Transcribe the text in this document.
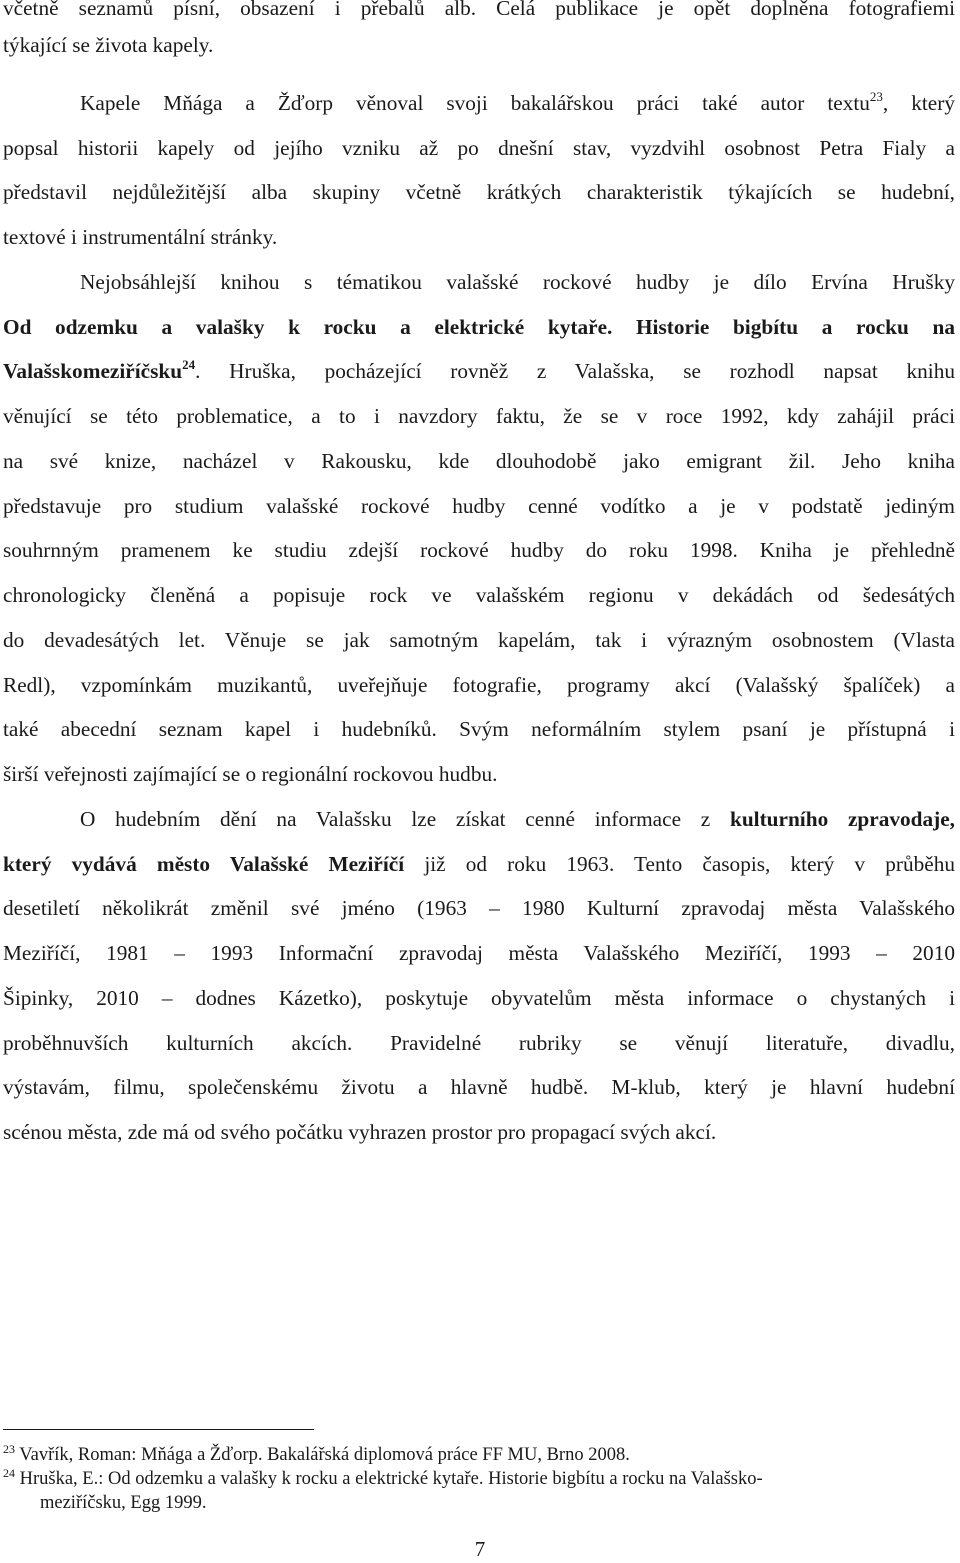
včetně seznamů písní, obsazení i přebalů alb. Celá publikace je opět doplněna fotografiemi
týkající se života kapely.
Kapele Mňága a Žďorp věnoval svoji bakalářskou práci také autor textu$^{23}$, který
popsal historii kapely od jejího vzniku až po dnešní stav, vyzdvihl osobnost Petra Fialy a
představil nejdůležitější alba skupiny včetně krátkých charakteristik týkajících se hudební,
textové i instrumentální stránky.
Nejobsáhlejší knihou s tématikou valašské rockové hudby je dílo Ervína Hrušky
Od odzemku a valašky k rocku a elektrické kytaře. Historie bigbítu a rocku na
Valašskomeziříčsku$^{24}$. Hruška, pocházející rovněž z Valašska, se rozhodl napsat knihu
věnující se této problematice, a to i navzdory faktu, že se v roce 1992, kdy zahájil práci
na své knize, nacházel v Rakousku, kde dlouhodobě jako emigrant žil. Jeho kniha
představuje pro studium valašské rockové hudby cenné vodítko a je v podstatě jediným
souhrnným pramenem ke studiu zdejší rockové hudby do roku 1998. Kniha je přehledně
chronologicky členěná a popisuje rock ve valašském regionu v dekádách od šedesátých
do devadesátých let. Věnuje se jak samotným kapelám, tak i výrazným osobnostem (Vlasta
Redl), vzpomínkám muzikantů, uveřejňuje fotografie, programy akcí (Valašský špalíček) a
také abecední seznam kapel i hudebníků. Svým neformálním stylem psaní je přístupná i
širší veřejnosti zajímající se o regionální rockovou hudbu.
O hudebním dění na Valašsku lze získat cenné informace z kulturního zpravodaje,
který vydává město Valašské Meziříčí již od roku 1963. Tento časopis, který v průběhu
desetiletí několikrát změnil své jméno (1963 – 1980 Kulturní zpravodaj města Valašského
Meziříčí, 1981 – 1993 Informační zpravodaj města Valašského Meziříčí, 1993 – 2010
Šipinky, 2010 – dodnes Kázetko), poskytuje obyvatelům města informace o chystaných i
proběhnuvších kulturních akcích. Pravidelné rubriky se věnují literatuře, divadlu,
výstavám, filmu, společenskému životu a hlavně hudbě. M-klub, který je hlavní hudební
scénou města, zde má od svého počátku vyhrazen prostor pro propagací svých akcí.
$^{23}$ Vavřík, Roman: Mňága a Žďorp. Bakalářská diplomová práce FF MU, Brno 2008.
$^{24}$ Hruška, E.: Od odzemku a valašky k rocku a elektrické kytaře. Historie bigbítu a rocku na Valašsko-
meziříčsku, Egg 1999.
7
